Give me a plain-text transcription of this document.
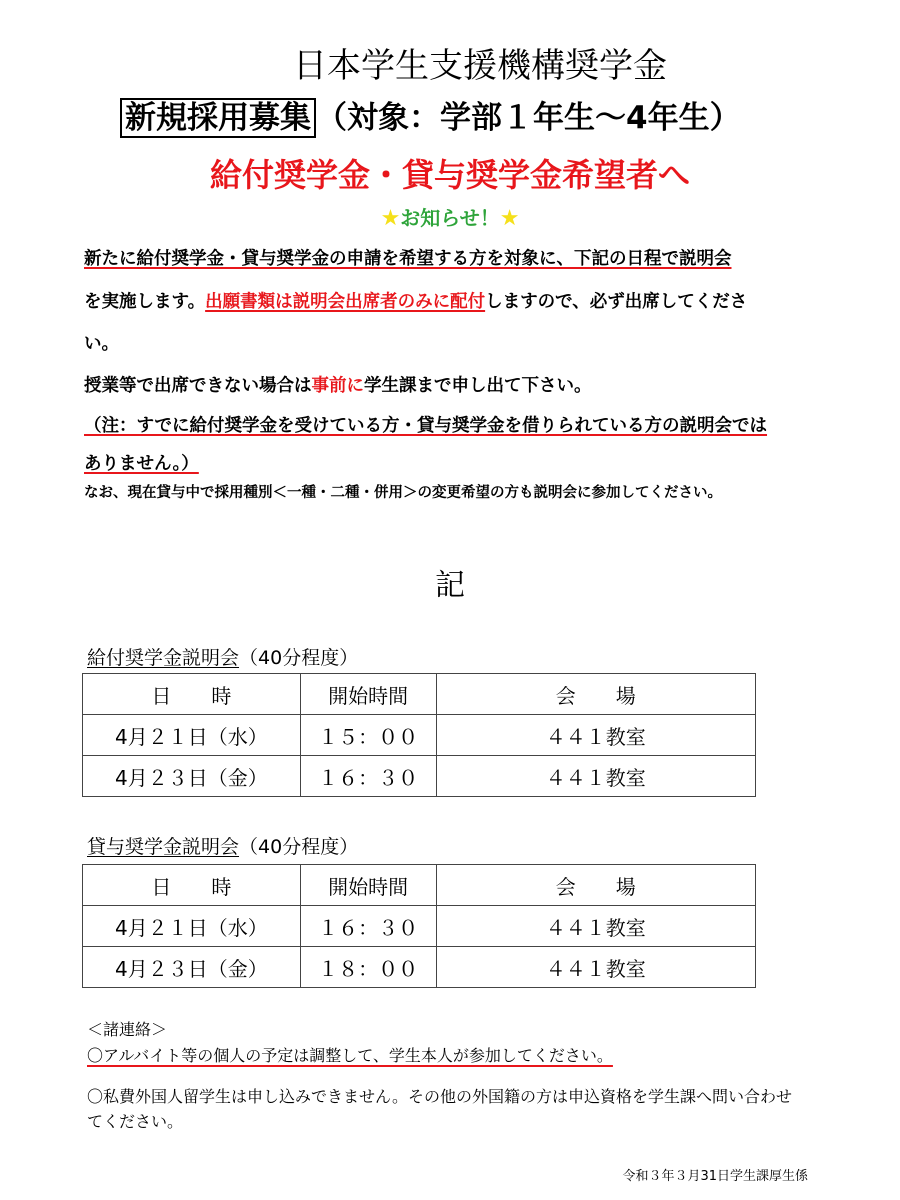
日本学生支援機構奨学金
新規採用募集 （対象：学部１年生～4年生）
給付奨学金・貸与奨学金希望者へ
★お知らせ！★
新たに給付奨学金・貸与奨学金の申請を希望する方を対象に、下記の日程で説明会
を実施します。出願書類は説明会出席者のみに配付しますので、必ず出席してくださ
い。
授業等で出席できない場合は事前に学生課まで申し出て下さい。
（注：すでに給付奨学金を受けている方・貸与奨学金を借りられている方の説明会では
ありません。）
なお、現在貸与中で採用種別＜一種・二種・併用＞の変更希望の方も説明会に参加してください。
記
給付奨学金説明会（40分程度）
日　　時	開始時間	会　　場
4月２１日（水）	１５：００	４４１教室
4月２３日（金）	１６：３０	４４１教室
貸与奨学金説明会（40分程度）
日　　時	開始時間	会　　場
4月２１日（水）	１６：３０	４４１教室
4月２３日（金）	１８：００	４４１教室
＜諸連絡＞
〇アルバイト等の個人の予定は調整して、学生本人が参加してください。
〇私費外国人留学生は申し込みできません。その他の外国籍の方は申込資格を学生課へ問い合わせてください。
令和３年３月31日学生課厚生係
